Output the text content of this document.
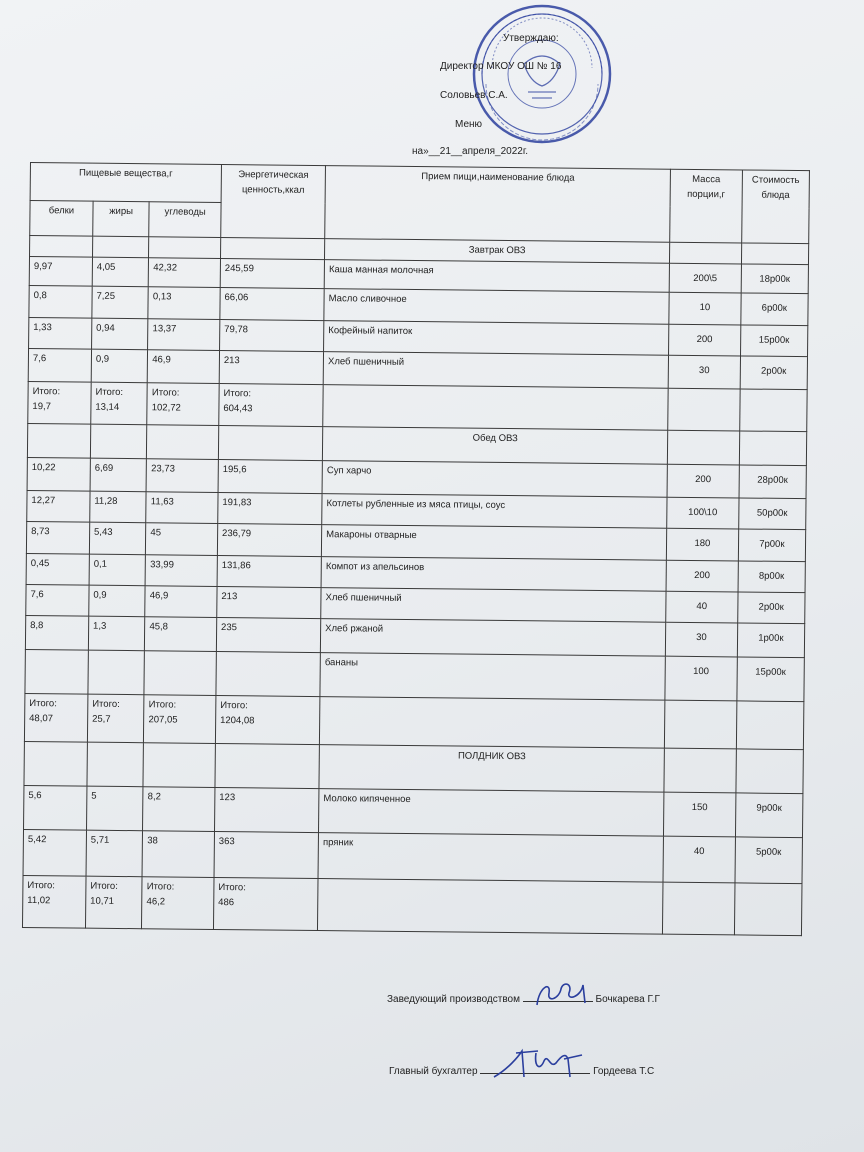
Утверждаю:
Директор МКОУ ОШ № 16
Соловьев С.А.
Меню
на»__21__апреля_2022г.
Пищевые вещества,г			Энергетическая ценность,ккал	Прием пищи,наименование блюда	Масса порции,г	Стоимость блюда
белки	жиры	углеводы				
				Завтрак ОВЗ		
9,97	4,05	42,32	245,59	Каша манная молочная	200\5	18р00к
0,8	7,25	0,13	66,06	Масло сливочное	10	6р00к
1,33	0,94	13,37	79,78	Кофейный напиток	200	15р00к
7,6	0,9	46,9	213	Хлеб пшеничный	30	2р00к
Итого: 19,7	Итого: 13,14	Итого: 102,72	Итого: 604,43			
				Обед ОВЗ		
10,22	6,69	23,73	195,6	Суп харчо	200	28р00к
12,27	11,28	11,63	191,83	Котлеты рубленные из мяса птицы, соус	100\10	50р00к
8,73	5,43	45	236,79	Макароны отварные	180	7р00к
0,45	0,1	33,99	131,86	Компот из апельсинов	200	8р00к
7,6	0,9	46,9	213	Хлеб пшеничный	40	2р00к
8,8	1,3	45,8	235	Хлеб ржаной	30	1р00к
				бананы	100	15р00к
Итого: 48,07	Итого: 25,7	Итого: 207,05	Итого: 1204,08			
				ПОЛДНИК ОВЗ		
5,6	5	8,2	123	Молоко кипяченное	150	9р00к
5,42	5,71	38	363	пряник	40	5р00к
Итого: 11,02	Итого: 10,71	Итого: 46,2	Итого: 486			
Заведующий производством	Бочкарева Г.Г
Главный бухгалтер	Гордеева Т.С
